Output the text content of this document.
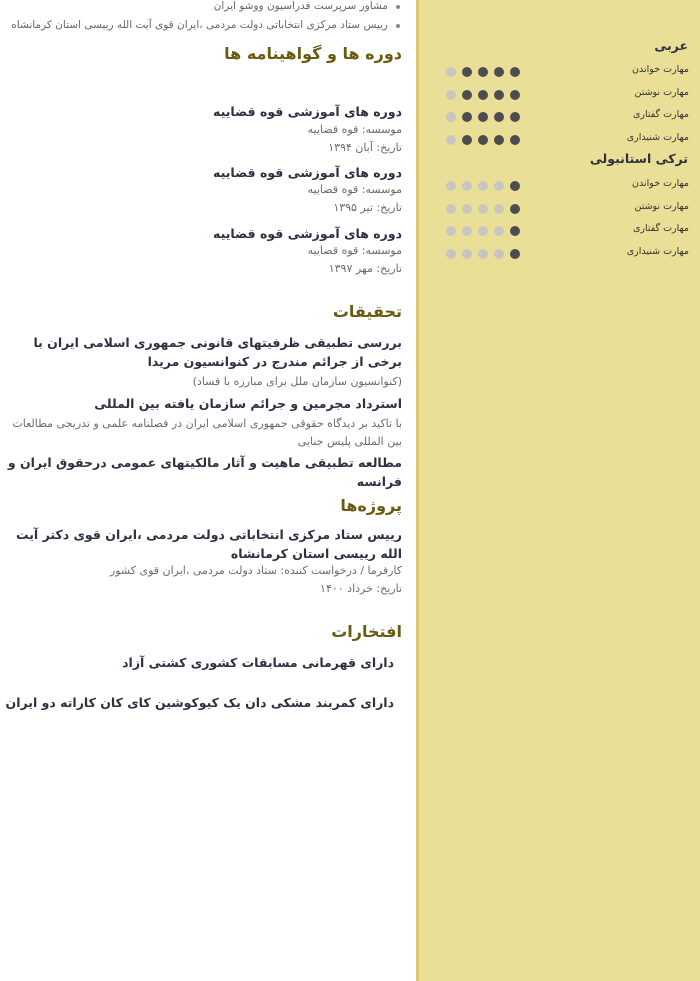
مشاور سرپرست فدراسیون ووشو ایران
رییس ستاد مرکزی انتخاباتی دولت مردمی ،ایران قوی آیت الله رییسی استان کرمانشاه
دوره ها و گواهینامه ها
دوره های آموزشی قوه قضاییه
موسسه: قوه قضاییه
تاریخ: آبان ۱۳۹۴
دوره های آموزشی قوه قضاییه
موسسه: قوه قضاییه
تاریخ: تیر ۱۳۹۵
دوره های آموزشی قوه قضاییه
موسسه: قوه قضاییه
تاریخ: مهر ۱۳۹۷
تحقیقات
بررسی تطبیقی ظرفیتهای قانونی جمهوری اسلامی ایران با برخی از جرائم مندرج در کنوانسیون مریدا
(کنوانسیون سازمان ملل برای مبارزه با فساد)
استرداد مجرمین و جرائم سازمان یافته بین المللی
با تاکید بر دیدگاه حقوقی جمهوری اسلامی ایران در فصلنامه علمی و تدریجی مطالعات بین المللی پلیس جنایی
مطالعه تطبیقی ماهیت و آثار مالکیتهای عمومی درحقوق ایران و فرانسه
پروژه‌ها
رییس ستاد مرکزی انتخاباتی دولت مردمی ،ایران قوی دکتر آیت الله رییسی استان کرمانشاه
کارفرما / درخواست کننده: ستاد دولت مردمی ،ایران قوی کشور
تاریخ: خرداد ۱۴۰۰
افتخارات
دارای قهرمانی مسابقات کشوری کشتی آزاد
دارای کمربند مشکی دان یک کیوکوشین کای کان کاراته دو ایران
عربی
مهارت خواندن
مهارت نوشتن
مهارت گفتاری
مهارت شنیداری
ترکی استانبولی
مهارت خواندن
مهارت نوشتن
مهارت گفتاری
مهارت شنیداری
